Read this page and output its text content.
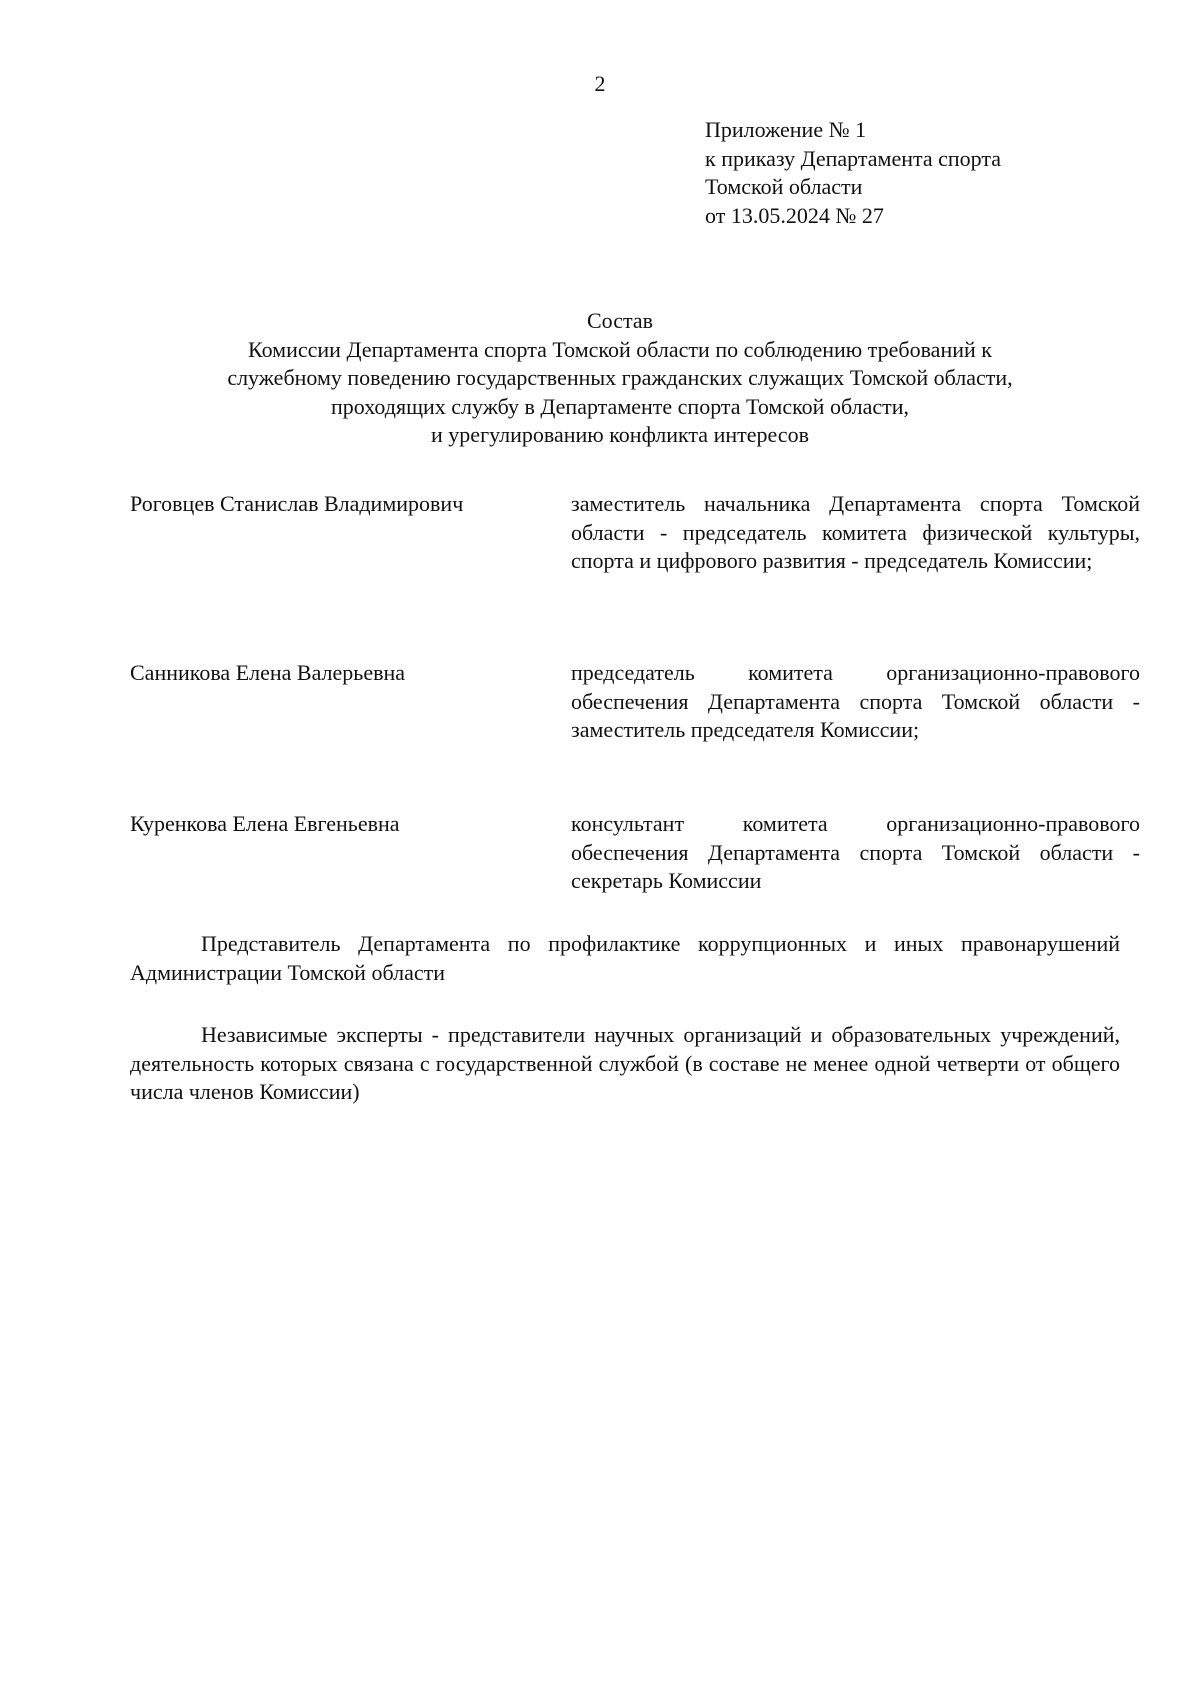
2
Приложение № 1
к приказу Департамента спорта
Томской области
от 13.05.2024 № 27
Состав
Комиссии Департамента спорта Томской области по соблюдению требований к
служебному поведению государственных гражданских служащих Томской области,
проходящих службу в Департаменте спорта Томской области,
и урегулированию конфликта интересов
Роговцев Станислав Владимирович	заместитель начальника Департамента спорта Томской области - председатель комитета физической культуры, спорта и цифрового развития - председатель Комиссии;
Санникова Елена Валерьевна	председатель комитета организационно-правового обеспечения Департамента спорта Томской области - заместитель председателя Комиссии;
Куренкова Елена Евгеньевна	консультант комитета организационно-правового обеспечения Департамента спорта Томской области - секретарь Комиссии
Представитель Департамента по профилактике коррупционных и иных правонарушений Администрации Томской области
Независимые эксперты - представители научных организаций и образовательных учреждений, деятельность которых связана с государственной службой (в составе не менее одной четверти от общего числа членов Комиссии)
